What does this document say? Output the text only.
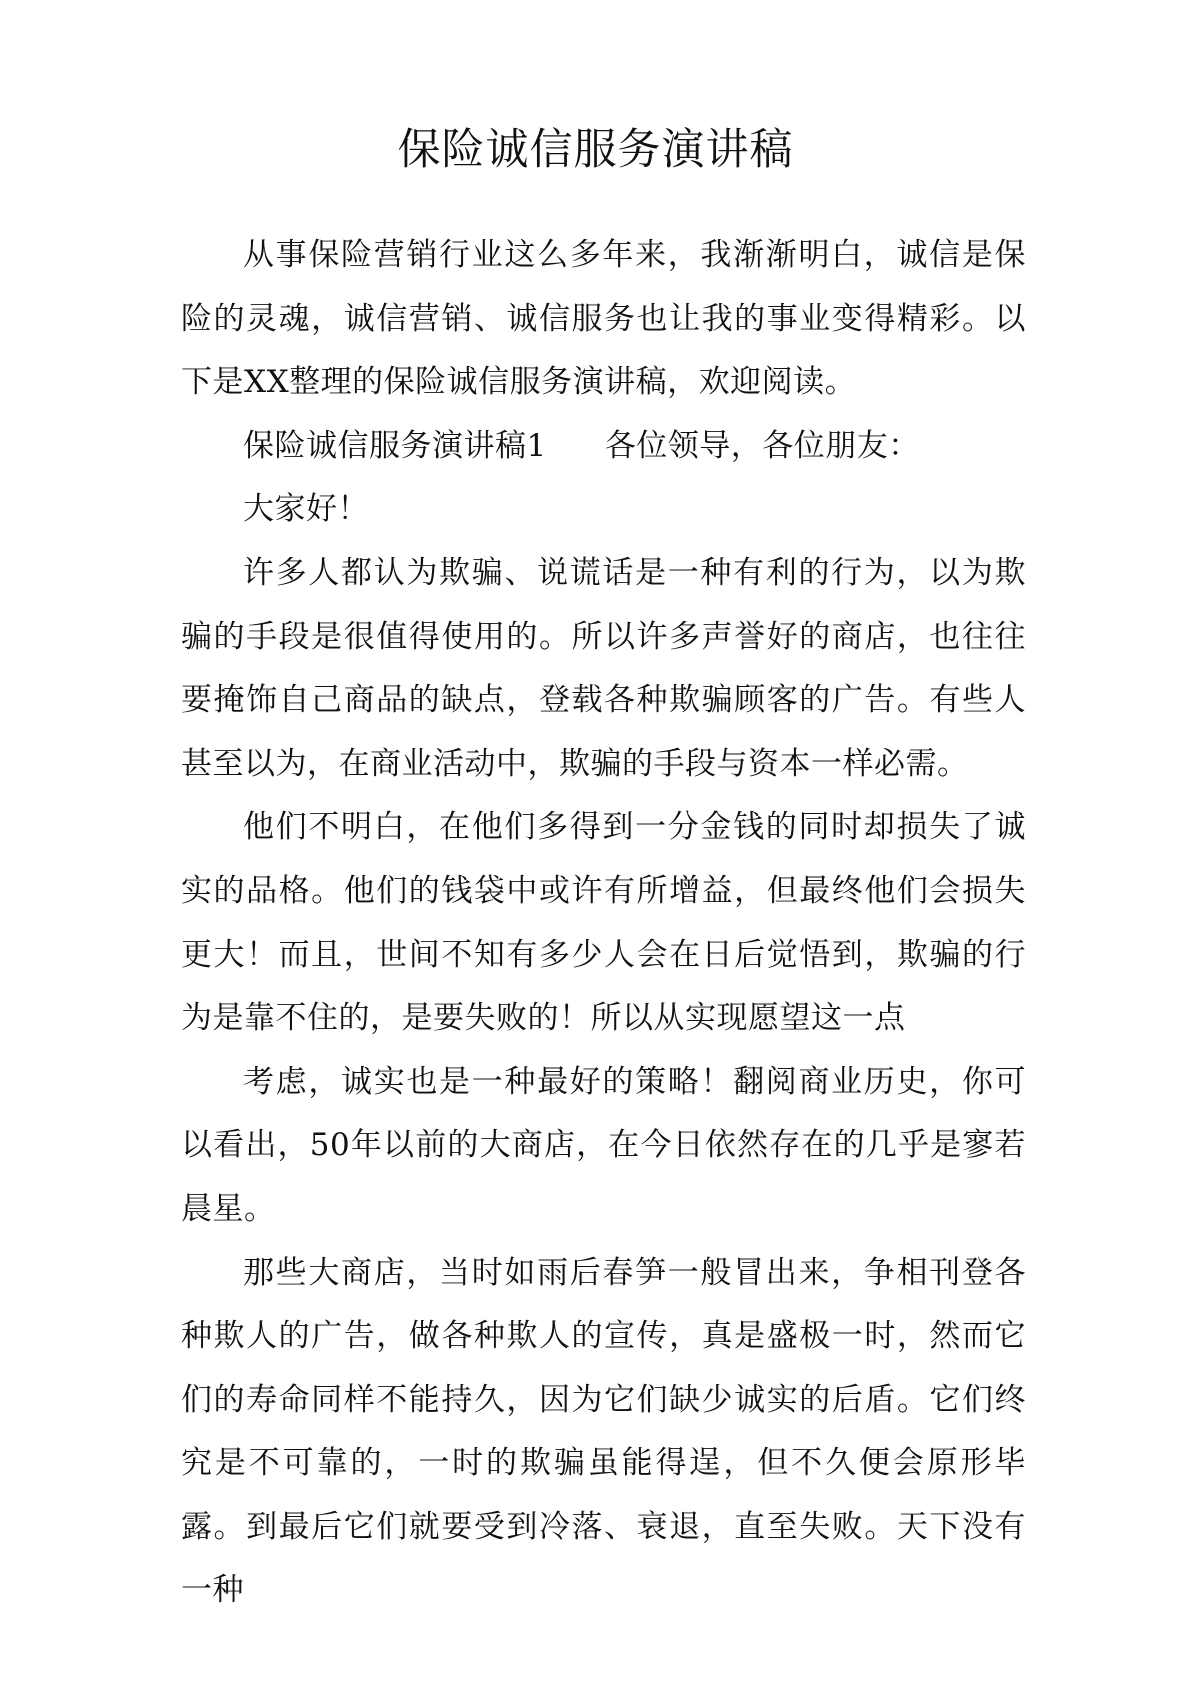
保险诚信服务演讲稿

从事保险营销行业这么多年来，我渐渐明白，诚信是保险的灵魂，诚信营销、诚信服务也让我的事业变得精彩。以下是XX整理的保险诚信服务演讲稿，欢迎阅读。

保险诚信服务演讲稿1 各位领导，各位朋友：

大家好！

许多人都认为欺骗、说谎话是一种有利的行为，以为欺骗的手段是很值得使用的。所以许多声誉好的商店，也往往要掩饰自己商品的缺点，登载各种欺骗顾客的广告。有些人甚至以为，在商业活动中，欺骗的手段与资本一样必需。

他们不明白，在他们多得到一分金钱的同时却损失了诚实的品格。他们的钱袋中或许有所增益，但最终他们会损失更大！而且，世间不知有多少人会在日后觉悟到，欺骗的行为是靠不住的，是要失败的！所以从实现愿望这一点

考虑，诚实也是一种最好的策略！翻阅商业历史，你可以看出，50年以前的大商店，在今日依然存在的几乎是寥若晨星。

那些大商店，当时如雨后春笋一般冒出来，争相刊登各种欺人的广告，做各种欺人的宣传，真是盛极一时，然而它们的寿命同样不能持久，因为它们缺少诚实的后盾。它们终究是不可靠的，一时的欺骗虽能得逞，但不久便会原形毕露。到最后它们就要受到冷落、衰退，直至失败。天下没有一种
